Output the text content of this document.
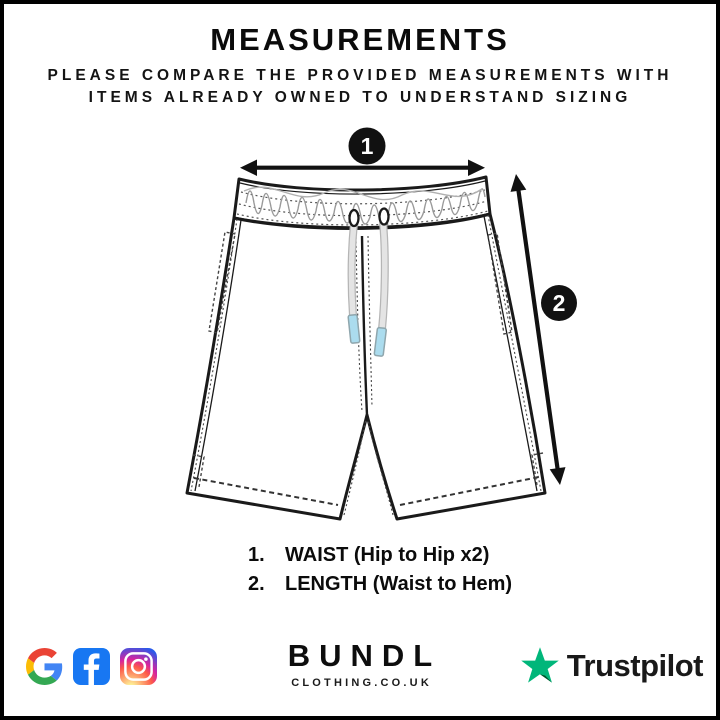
MEASUREMENTS
PLEASE COMPARE THE PROVIDED MEASUREMENTS WITH
ITEMS ALREADY OWNED TO UNDERSTAND SIZING
1
2
1.	WAIST (Hip to Hip x2)
2.	LENGTH (Waist to Hem)
BUNDL
CLOTHING.CO.UK	Trustpilot
